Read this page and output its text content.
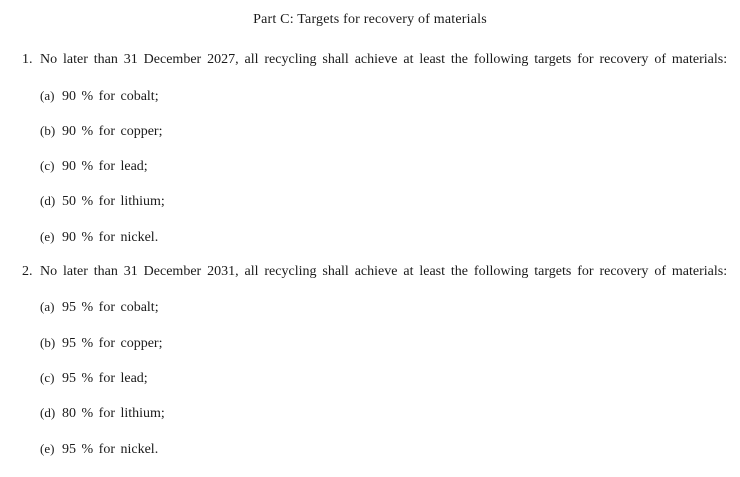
Part C: Targets for recovery of materials
1. No later than 31 December 2027, all recycling shall achieve at least the following targets for recovery of materials:
(a) 90 % for cobalt;
(b) 90 % for copper;
(c) 90 % for lead;
(d) 50 % for lithium;
(e) 90 % for nickel.
2. No later than 31 December 2031, all recycling shall achieve at least the following targets for recovery of materials:
(a) 95 % for cobalt;
(b) 95 % for copper;
(c) 95 % for lead;
(d) 80 % for lithium;
(e) 95 % for nickel.
